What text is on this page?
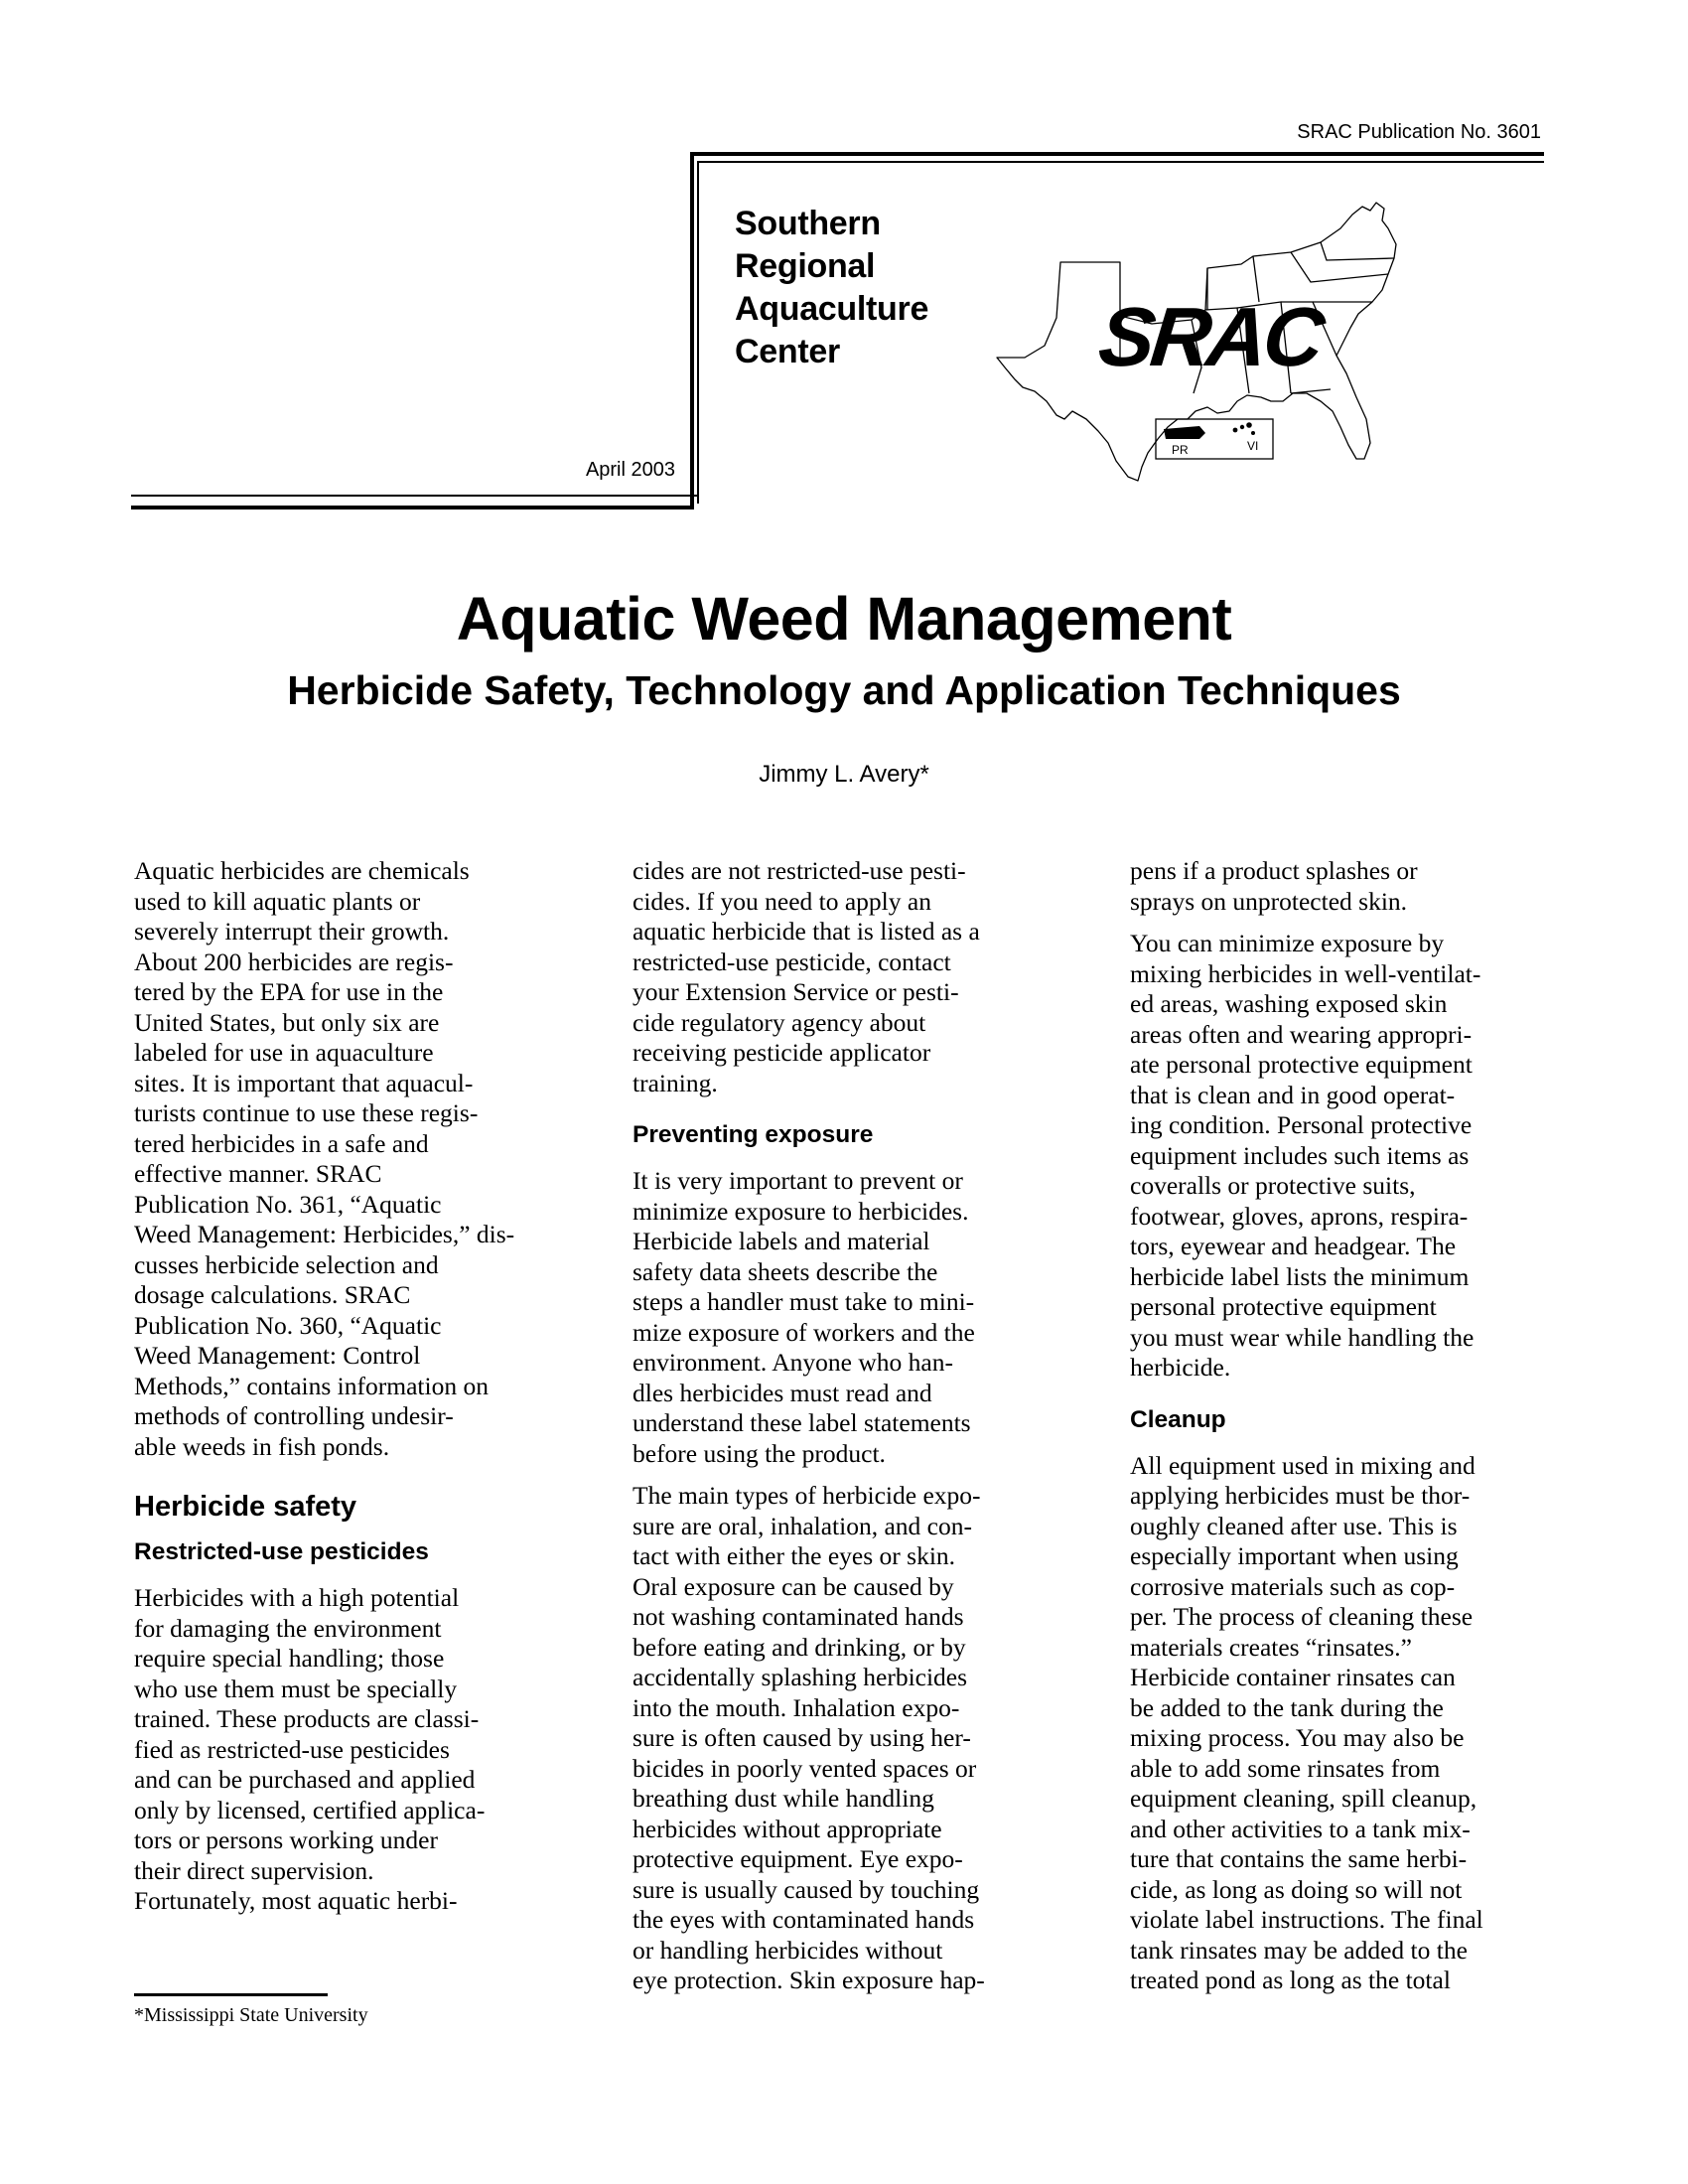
SRAC Publication No. 3601
Southern
Regional
Aquaculture
Center
April 2003
SRAC
PR	VI
Aquatic Weed Management
Herbicide Safety, Technology and Application Techniques
Jimmy L. Avery*

Aquatic herbicides are chemicals
used to kill aquatic plants or
severely interrupt their growth.
About 200 herbicides are regis-
tered by the EPA for use in the
United States, but only six are
labeled for use in aquaculture
sites. It is important that aquacul-
turists continue to use these regis-
tered herbicides in a safe and
effective manner. SRAC
Publication No. 361, “Aquatic
Weed Management: Herbicides,” dis-
cusses herbicide selection and
dosage calculations. SRAC
Publication No. 360, “Aquatic
Weed Management: Control
Methods,” contains information on
methods of controlling undesir-
able weeds in fish ponds.

Herbicide safety
Restricted-use pesticides

Herbicides with a high potential
for damaging the environment
require special handling; those
who use them must be specially
trained. These products are classi-
fied as restricted-use pesticides
and can be purchased and applied
only by licensed, certified applica-
tors or persons working under
their direct supervision.
Fortunately, most aquatic herbi-

cides are not restricted-use pesti-
cides. If you need to apply an
aquatic herbicide that is listed as a
restricted-use pesticide, contact
your Extension Service or pesti-
cide regulatory agency about
receiving pesticide applicator
training.

Preventing exposure

It is very important to prevent or
minimize exposure to herbicides.
Herbicide labels and material
safety data sheets describe the
steps a handler must take to mini-
mize exposure of workers and the
environment. Anyone who han-
dles herbicides must read and
understand these label statements
before using the product.

The main types of herbicide expo-
sure are oral, inhalation, and con-
tact with either the eyes or skin.
Oral exposure can be caused by
not washing contaminated hands
before eating and drinking, or by
accidentally splashing herbicides
into the mouth. Inhalation expo-
sure is often caused by using her-
bicides in poorly vented spaces or
breathing dust while handling
herbicides without appropriate
protective equipment. Eye expo-
sure is usually caused by touching
the eyes with contaminated hands
or handling herbicides without
eye protection. Skin exposure hap-

pens if a product splashes or
sprays on unprotected skin.

You can minimize exposure by
mixing herbicides in well-ventilat-
ed areas, washing exposed skin
areas often and wearing appropri-
ate personal protective equipment
that is clean and in good operat-
ing condition. Personal protective
equipment includes such items as
coveralls or protective suits,
footwear, gloves, aprons, respira-
tors, eyewear and headgear. The
herbicide label lists the minimum
personal protective equipment
you must wear while handling the
herbicide.

Cleanup

All equipment used in mixing and
applying herbicides must be thor-
oughly cleaned after use. This is
especially important when using
corrosive materials such as cop-
per. The process of cleaning these
materials creates “rinsates.”
Herbicide container rinsates can
be added to the tank during the
mixing process. You may also be
able to add some rinsates from
equipment cleaning, spill cleanup,
and other activities to a tank mix-
ture that contains the same herbi-
cide, as long as doing so will not
violate label instructions. The final
tank rinsates may be added to the
treated pond as long as the total

*Mississippi State University
